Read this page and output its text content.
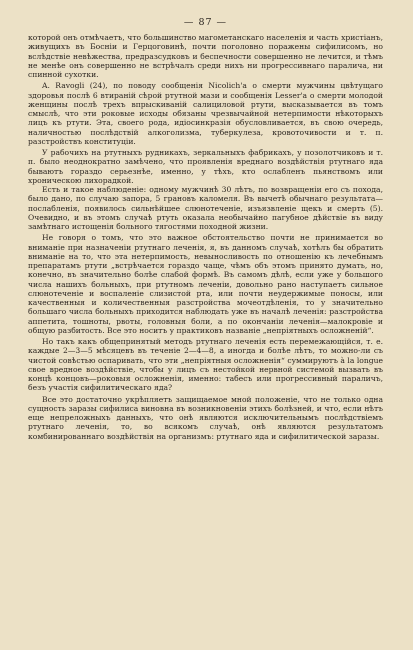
— 87 —

которой онъ отмѣчаетъ, что большинство магометанскаго населенія и часть христіанъ, живущихъ въ Босніи и Герцоговинѣ, почти поголовно поражены сифилисомъ, но вслѣдствіе невѣжества, предразсудковъ и беспечности совершенно не лечится, и тѣмъ не менѣе онъ совершенно не встрѣчалъ среди нихъ ни прогрессивнаго паралича, ни спинной сухотки.

A. Ravogli (24), по поводу сообщенія Nicolich'a о смерти мужчины цвѣтущаго здоровья послѣ 6 втираній сѣрой ртутной мази и сообщенія Lesser'a о смерти молодой женщины послѣ трехъ впрыскиваній салициловой ртути, высказывается въ томъ смыслѣ, что эти роковые исходы обязаны чрезвычайной нетерпимости нѣкоторыхъ лицъ къ ртути. Эта, своего рода, идіосинкразія обусловливается, въ свою очередь, наличностью послѣдствій алкоголизма, туберкулеза, кровоточивости и т. п. разстройствъ конституціи.

У рабочихъ на ртутныхъ рудникахъ, зеркальныхъ фабрикахъ, у позолотчиковъ и т. п. было неоднократно замѣчено, что проявленія вреднаго воздѣйствія ртутнаго яда бываютъ гораздо серьезнѣе, именно, у тѣхъ, кто ослабленъ пьянствомъ или хроническою лихорадкой.

Есть и такое наблюденіе: одному мужчинѣ 30 лѣтъ, по возвращеніи его съ похода, было дано, по случаю запора, 5 грановъ каломеля. Въ вычетѣ обычнаго результата—послабленія, появилось сильнѣйшее слюнотеченіе, изъязвленіе щекъ и смерть (5). Очевидно, и въ этомъ случаѣ ртуть оказала необычайно пагубное дѣйствіе въ виду замѣтнаго истощенія больного тягостями походной жизни.

Не говоря о томъ, что это важное обстоятельство почти не принимается во вниманіе при назначеніи ртутнаго леченія, я, въ данномъ случаѣ, хотѣлъ бы обратить вниманіе на то, что эта нетерпимость, невыносливость по отношенію къ лечебнымъ препаратамъ ртути „встрѣчается гораздо чаще, чѣмъ объ этомъ принято думать, но, конечно, въ значительно болѣе слабой формѣ. Въ самомъ дѣлѣ, если уже у большого числа нашихъ больныхъ, при ртутномъ леченіи, довольно рано наступаетъ сильное слюнотеченіе и воспаленіе слизистой рта, или почти неудержимые поносы, или качественныя и количественныя разстройства мочеотдѣленія, то у значительно большаго числа больныхъ приходится наблюдать уже въ началѣ леченія: разстройства аппетита, тошноты, рвоты, головныя боли, а по окончаніи леченія—малокровіе и общую разбитость. Все это носитъ у практиковъ названіе „непріятныхъ осложненій“.

Но такъ какъ общепринятый методъ ртутнаго леченія есть перемежающійся, т. е. каждые 2—3—5 мѣсяцевъ въ теченіе 2—4—8, а иногда и болѣе лѣтъ, то можно-ли съ чистой совѣстью оспаривать, что эти „непріятныя осложненія“ суммируютъ à la longue свое вредное воздѣйствіе, чтобы у лицъ съ нестойкой нервной системой вызвать въ концѣ концовъ—роковыя осложненія, именно: табесъ или прогрессивный параличъ, безъ участія сифилитическаго яда?

Все это достаточно укрѣпляетъ защищаемое мной положеніе, что не только одна сущность заразы сифилиса виновна въ возникновеніи этихъ болѣзней, и что, если нѣтъ еще непреложныхъ данныхъ, что онѣ являются исключительнымъ послѣдствіемъ ртутнаго леченія, то, во всякомъ случаѣ, онѣ являются результатомъ комбинированнаго воздѣйствія на организмъ: ртутнаго яда и сифилитической заразы.
